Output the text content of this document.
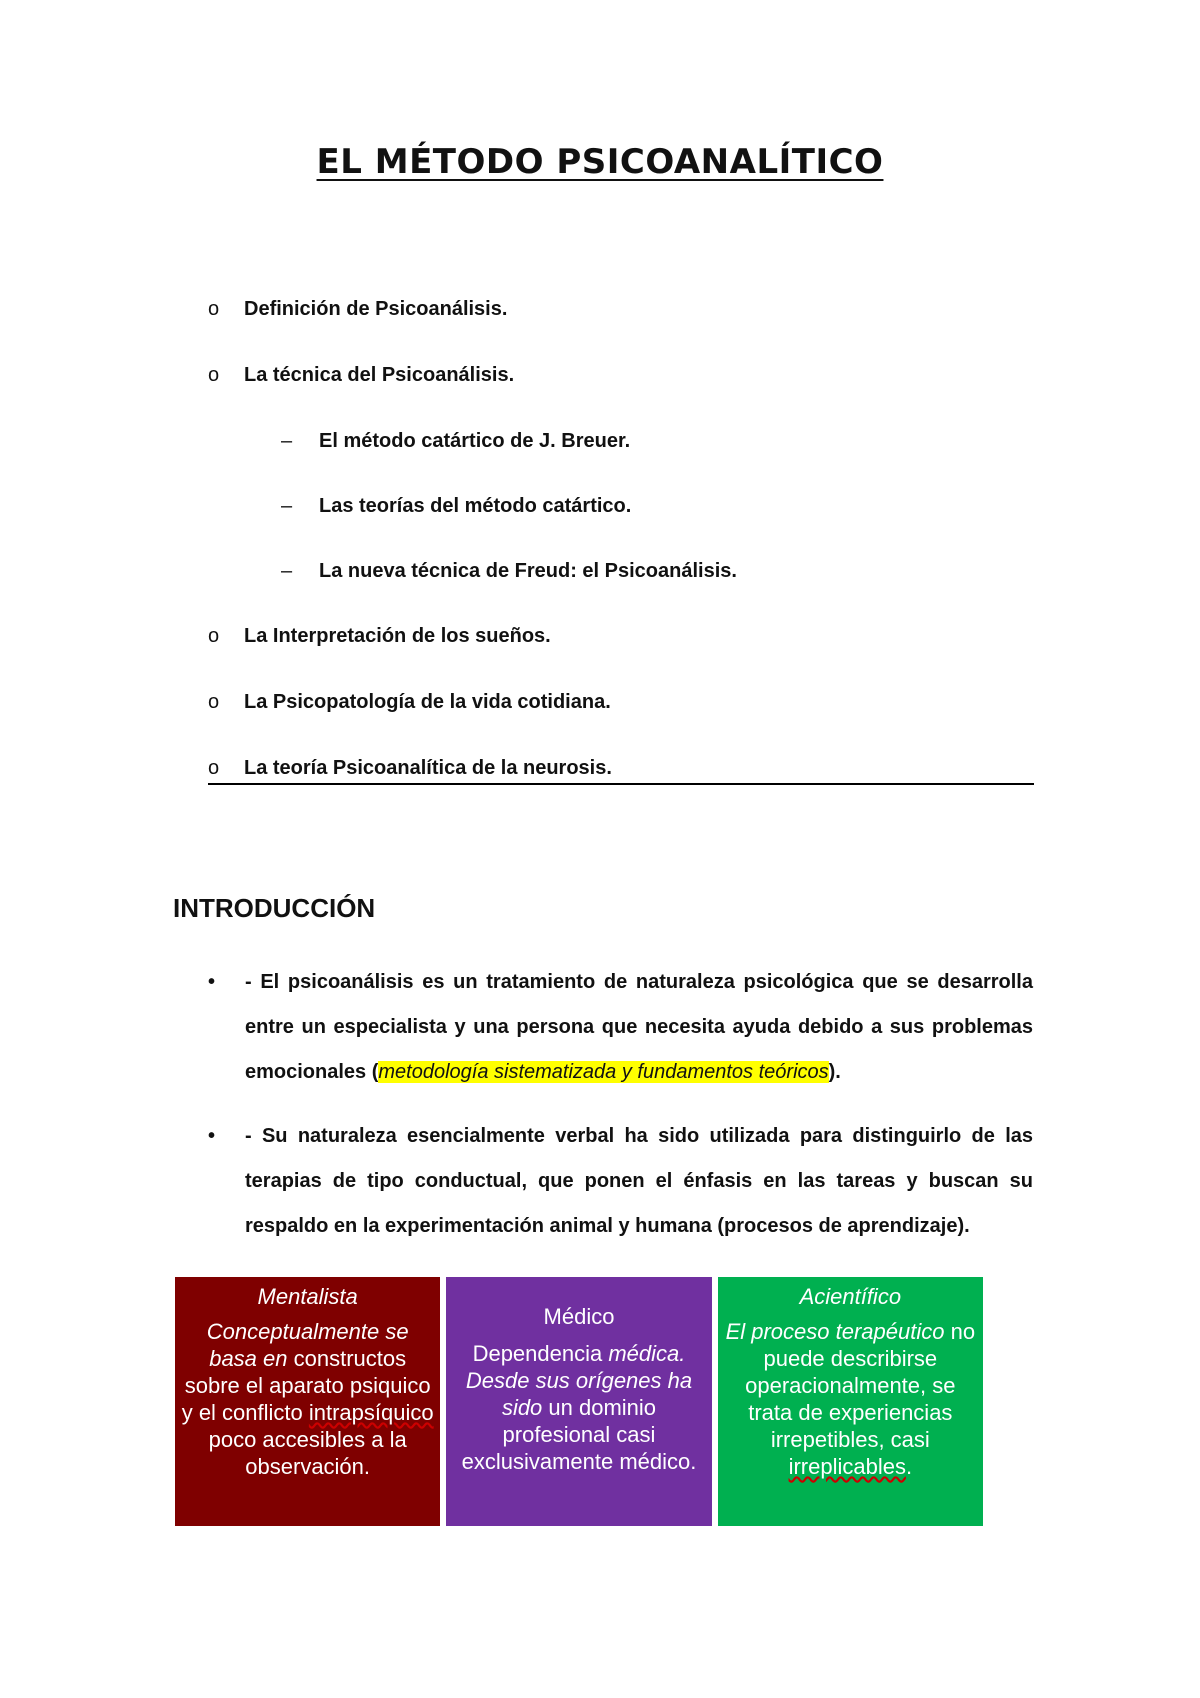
EL MÉTODO PSICOANALÍTICO
o Definición de Psicoanálisis.
o La técnica del Psicoanálisis.
– El método catártico de J. Breuer.
– Las teorías del método catártico.
– La nueva técnica de Freud: el Psicoanálisis.
o La Interpretación de los sueños.
o La Psicopatología de la vida cotidiana.
o La teoría Psicoanalítica de la neurosis.
INTRODUCCIÓN
• - El psicoanálisis es un tratamiento de naturaleza psicológica que se desarrolla entre un especialista y una persona que necesita ayuda debido a sus problemas emocionales (metodología sistematizada y fundamentos teóricos).
• - Su naturaleza esencialmente verbal ha sido utilizada para distinguirlo de las terapias de tipo conductual, que ponen el énfasis en las tareas y buscan su respaldo en la experimentación animal y humana (procesos de aprendizaje).
Mentalista
Conceptualmente se basa en constructos sobre el aparato psiquico y el conflicto intrapsíquico poco accesibles a la observación.
Médico
Dependencia médica. Desde sus orígenes ha sido un dominio profesional casi exclusivamente médico.
Acientífico
El proceso terapéutico no puede describirse operacionalmente, se trata de experiencias irrepetibles, casi irreplicables.
